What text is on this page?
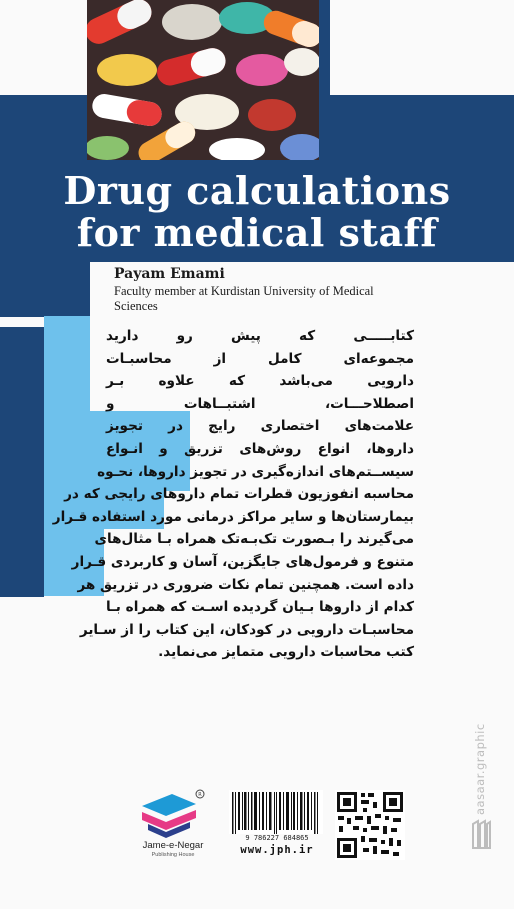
Drug calculations
for medical staff
Payam Emami
Faculty member at Kurdistan University of Medical Sciences
کتابـــــی که پیش رو دارید
مجموعه‌ای کامل از محاسبـات
دارویی می‌باشد که علاوه بـر
اصطلاحـــات، اشتبــاهات و
علامت‌های اختصاری رایج در تجویز
داروها، انواع روش‌های تزریق و انـواع
سیســتم‌های اندازه‌گیری در تجویز داروها، نحـوه
محاسبه انفوزیون قطرات تمام داروهای رایجی که در
بیمارستان‌ها و سایر مراکز درمانی مورد استفاده قـرار
می‌گیرند را بـصورت تک‌بـه‌تک همراه بـا مثال‌های
متنوع و فرمول‌های جایگزین، آسان و کاربردی قـرار
داده است. همچنین تمام نکات ضروری در تزریق هر
کدام از داروها بـیان گردیده اسـت که همراه بـا
محاسبـات دارویی در کودکان، این کتاب را از سـایر
کتب محاسبات دارویی متمایز می‌نماید.
R
Jame-e-Negar
Publishing House
9 786227 684865
www.jph.ir
aasaar.graphic
